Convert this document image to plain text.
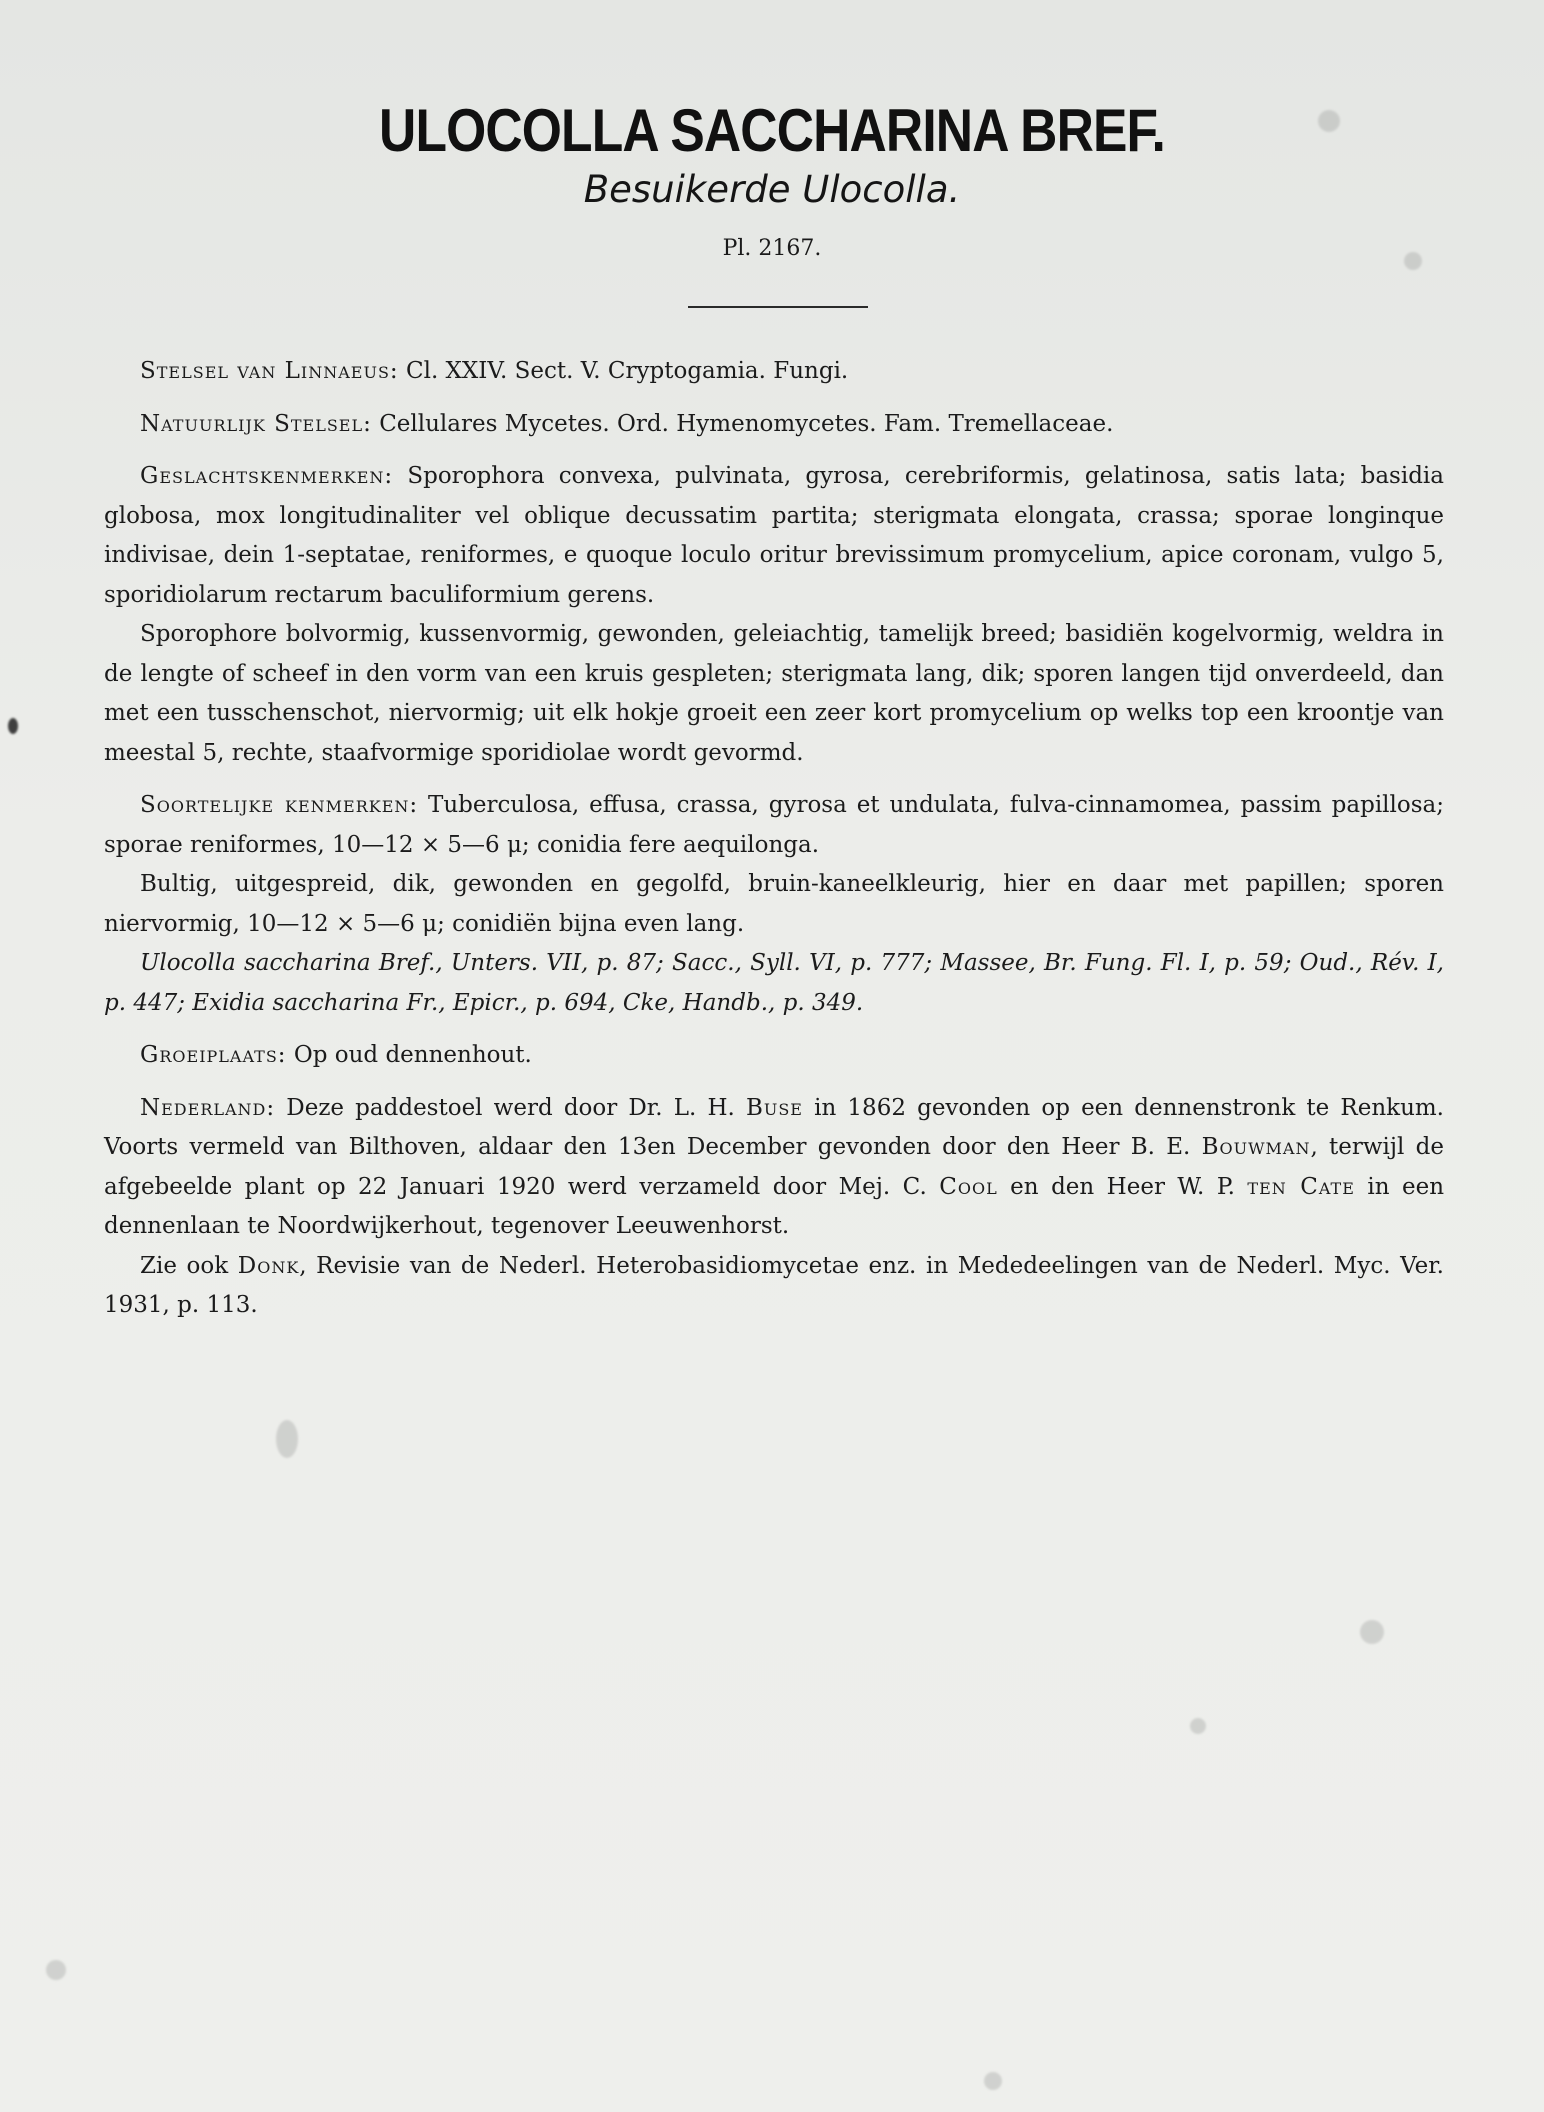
ULOCOLLA SACCHARINA BREF.
Besuikerde Ulocolla.
Pl. 2167.

Stelsel van Linnaeus: Cl. XXIV. Sect. V. Cryptogamia. Fungi.

Natuurlijk Stelsel: Cellulares Mycetes. Ord. Hymenomycetes. Fam. Tremellaceae.

Geslachtskenmerken: Sporophora convexa, pulvinata, gyrosa, cerebriformis, gelatinosa, satis lata; basidia globosa, mox longitudinaliter vel oblique decussatim partita; sterigmata elongata, crassa; sporae longinque indivisae, dein 1-septatae, reniformes, e quoque loculo oritur brevissimum promycelium, apice coronam, vulgo 5, sporidiolarum rectarum baculiformium gerens.

Sporophore bolvormig, kussenvormig, gewonden, geleiachtig, tamelijk breed; basidiën kogelvormig, weldra in de lengte of scheef in den vorm van een kruis gespleten; sterigmata lang, dik; sporen langen tijd onverdeeld, dan met een tusschenschot, niervormig; uit elk hokje groeit een zeer kort promycelium op welks top een kroontje van meestal 5, rechte, staafvormige sporidiolae wordt gevormd.

Soortelijke kenmerken: Tuberculosa, effusa, crassa, gyrosa et undulata, fulva-cinnamomea, passim papillosa; sporae reniformes, 10—12 × 5—6 μ; conidia fere aequilonga.

Bultig, uitgespreid, dik, gewonden en gegolfd, bruin-kaneelkleurig, hier en daar met papillen; sporen niervormig, 10—12 × 5—6 μ; conidiën bijna even lang.

Ulocolla saccharina Bref., Unters. VII, p. 87; Sacc., Syll. VI, p. 777; Massee, Br. Fung. Fl. I, p. 59; Oud., Rév. I, p. 447; Exidia saccharina Fr., Epicr., p. 694, Cke, Handb., p. 349.

Groeiplaats: Op oud dennenhout.

Nederland: Deze paddestoel werd door Dr. L. H. Buse in 1862 gevonden op een dennenstronk te Renkum. Voorts vermeld van Bilthoven, aldaar den 13en December gevonden door den Heer B. E. Bouwman, terwijl de afgebeelde plant op 22 Januari 1920 werd verzameld door Mej. C. Cool en den Heer W. P. ten Cate in een dennenlaan te Noordwijkerhout, tegenover Leeuwenhorst.

Zie ook Donk, Revisie van de Nederl. Heterobasidiomycetae enz. in Mededeelingen van de Nederl. Myc. Ver. 1931, p. 113.
